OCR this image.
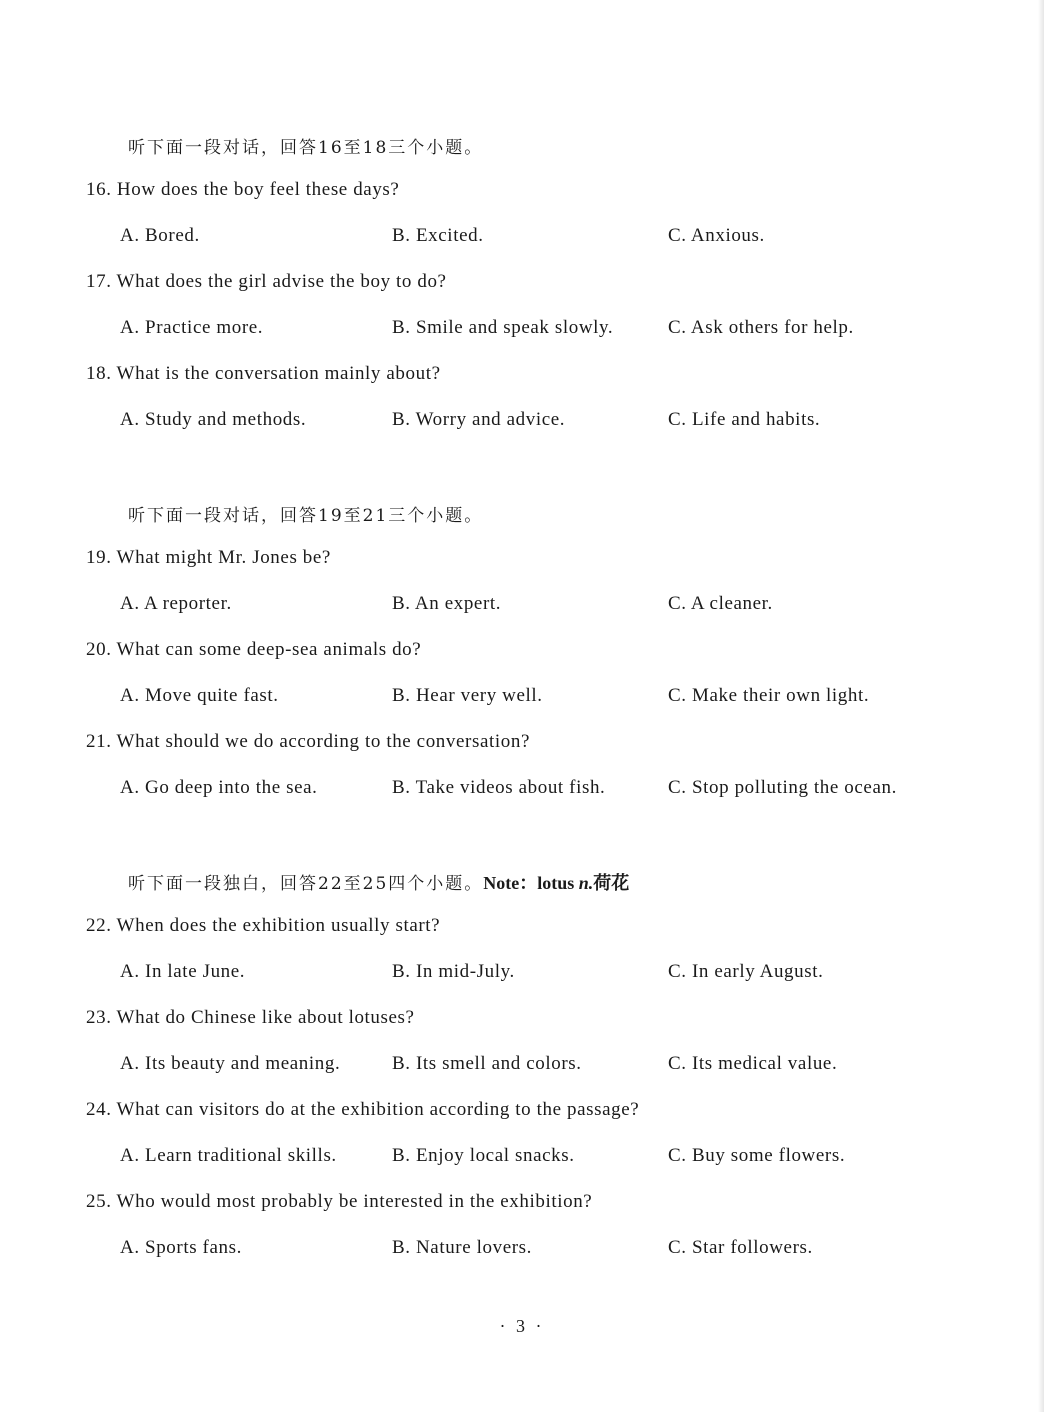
听下面一段对话，回答16至18三个小题。
16. How does the boy feel these days?
A. Bored.	B. Excited.	C. Anxious.
17. What does the girl advise the boy to do?
A. Practice more.	B. Smile and speak slowly.	C. Ask others for help.
18. What is the conversation mainly about?
A. Study and methods.	B. Worry and advice.	C. Life and habits.
听下面一段对话，回答19至21三个小题。
19. What might Mr. Jones be?
A. A reporter.	B. An expert.	C. A cleaner.
20. What can some deep-sea animals do?
A. Move quite fast.	B. Hear very well.	C. Make their own light.
21. What should we do according to the conversation?
A. Go deep into the sea.	B. Take videos about fish.	C. Stop polluting the ocean.
听下面一段独白，回答22至25四个小题。Note：lotus n.荷花
22. When does the exhibition usually start?
A. In late June.	B. In mid-July.	C. In early August.
23. What do Chinese like about lotuses?
A. Its beauty and meaning.	B. Its smell and colors.	C. Its medical value.
24. What can visitors do at the exhibition according to the passage?
A. Learn traditional skills.	B. Enjoy local snacks.	C. Buy some flowers.
25. Who would most probably be interested in the exhibition?
A. Sports fans.	B. Nature lovers.	C. Star followers.
· 3 ·
